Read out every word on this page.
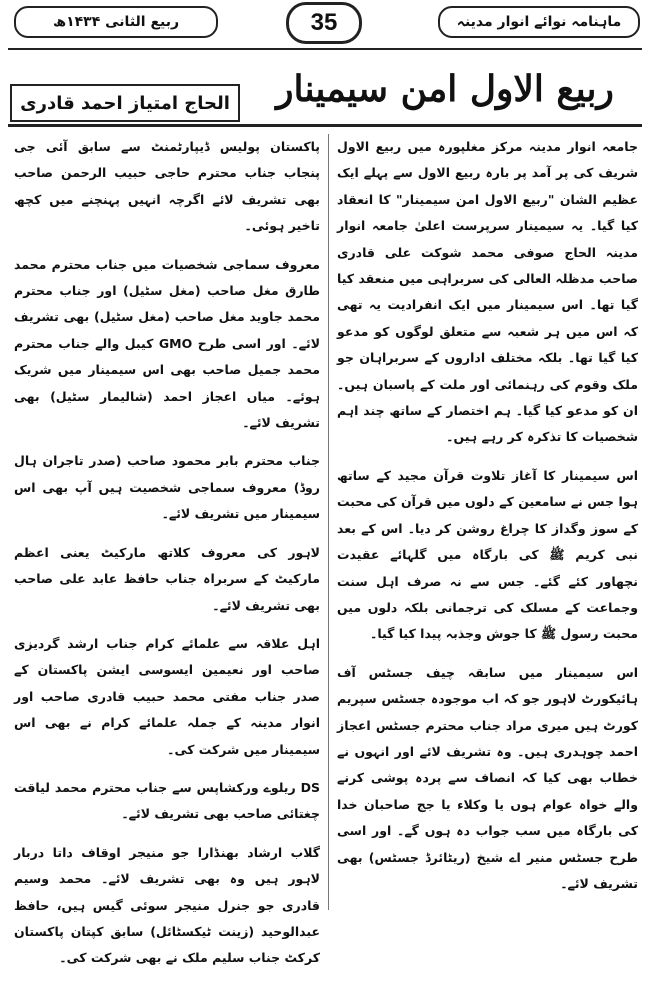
ربیع الثانی ۱۴۳۴ھ	35	ماہنامہ نوائے انوار مدینہ
ربیع الاول امن سیمینار
الحاج امتیاز احمد قادری

جامعہ انوار مدینہ مرکز مغلپورہ میں ربیع الاول شریف کی پر آمد پر بارہ ربیع الاول سے پہلے ایک عظیم الشان "ربیع الاول امن سیمینار" کا انعقاد کیا گیا۔ یہ سیمینار سرپرست اعلیٰ جامعہ انوار مدینہ الحاج صوفی محمد شوکت علی قادری صاحب مدظلہ العالی کی سربراہی میں منعقد کیا گیا تھا۔ اس سیمینار میں ایک انفرادیت یہ تھی کہ اس میں ہر شعبہ سے متعلق لوگوں کو مدعو کیا گیا تھا۔ بلکہ مختلف اداروں کے سربراہان جو ملک وقوم کی رہنمائی اور ملت کے پاسبان ہیں۔ ان کو مدعو کیا گیا۔ ہم اختصار کے ساتھ چند اہم شخصیات کا تذکرہ کر رہے ہیں۔

اس سیمینار کا آغاز تلاوت قرآن مجید کے ساتھ ہوا جس نے سامعین کے دلوں میں قرآن کی محبت کے سوز وگداز کا چراغ روشن کر دیا۔ اس کے بعد نبی کریم ﷺ کی بارگاہ میں گلہائے عقیدت نچھاور کئے گئے۔ جس سے نہ صرف اہل سنت وجماعت کے مسلک کی ترجمانی بلکہ دلوں میں محبت رسول ﷺ کا جوش وجذبہ پیدا کیا گیا۔

اس سیمینار میں سابقہ چیف جسٹس آف ہائیکورٹ لاہور جو کہ اب موجودہ جسٹس سپریم کورٹ ہیں میری مراد جناب محترم جسٹس اعجاز احمد چوہدری ہیں۔ وہ تشریف لائے اور انہوں نے خطاب بھی کیا کہ انصاف سے پردہ پوشی کرنے والے خواہ عوام ہوں یا وکلاء یا جج صاحبان خدا کی بارگاہ میں سب جواب دہ ہوں گے۔ اور اسی طرح جسٹس منیر اے شیخ (ریٹائرڈ جسٹس) بھی تشریف لائے۔

پاکستان پولیس ڈیپارٹمنٹ سے سابق آئی جی پنجاب جناب محترم حاجی حبیب الرحمن صاحب بھی تشریف لائے اگرچہ انہیں پہنچنے میں کچھ تاخیر ہوئی۔

معروف سماجی شخصیات میں جناب محترم محمد طارق مغل صاحب (مغل سٹیل) اور جناب محترم محمد جاوید مغل صاحب (مغل سٹیل) بھی تشریف لائے۔ اور اسی طرح GMO کیبل والے جناب محترم محمد جمیل صاحب بھی اس سیمینار میں شریک ہوئے۔ میاں اعجاز احمد (شالیمار سٹیل) بھی تشریف لائے۔

جناب محترم بابر محمود صاحب (صدر تاجران ہال روڈ) معروف سماجی شخصیت ہیں آپ بھی اس سیمینار میں تشریف لائے۔

لاہور کی معروف کلاتھ مارکیٹ یعنی اعظم مارکیٹ کے سربراہ جناب حافظ عابد علی صاحب بھی تشریف لائے۔

اہل علاقہ سے علمائے کرام جناب ارشد گردیزی صاحب اور نعیمین ایسوسی ایشن پاکستان کے صدر جناب مفتی محمد حبیب قادری صاحب اور انوار مدینہ کے جملہ علمائے کرام نے بھی اس سیمینار میں شرکت کی۔

DS ریلوے ورکشاپس سے جناب محترم محمد لیاقت چغتائی صاحب بھی تشریف لائے۔

گلاب ارشاد بھنڈارا جو منیجر اوقاف داتا دربار لاہور ہیں وہ بھی تشریف لائے۔ محمد وسیم قادری جو جنرل منیجر سوئی گیس ہیں، حافظ عبدالوحید (زینت ٹیکسٹائل) سابق کپتان پاکستان کرکٹ جناب سلیم ملک نے بھی شرکت کی۔
